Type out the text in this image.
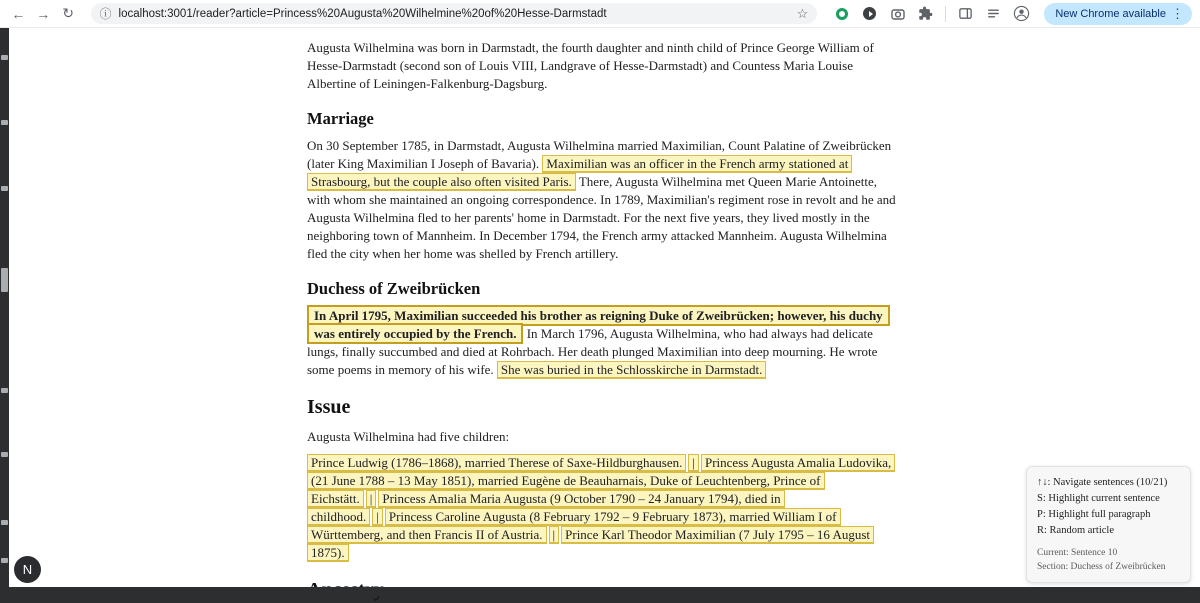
← → ↻	ⓘ localhost:3001/reader?article=Princess%20Augusta%20Wilhelmine%20of%20Hesse-Darmstadt	☆	New Chrome available ⋮

Augusta Wilhelmina was born in Darmstadt, the fourth daughter and ninth child of Prince George William of Hesse-Darmstadt (second son of Louis VIII, Landgrave of Hesse-Darmstadt) and Countess Maria Louise Albertine of Leiningen-Falkenburg-Dagsburg.

Marriage

On 30 September 1785, in Darmstadt, Augusta Wilhelmina married Maximilian, Count Palatine of Zweibrücken (later King Maximilian I Joseph of Bavaria). Maximilian was an officer in the French army stationed at Strasbourg, but the couple also often visited Paris. There, Augusta Wilhelmina met Queen Marie Antoinette, with whom she maintained an ongoing correspondence. In 1789, Maximilian's regiment rose in revolt and he and Augusta Wilhelmina fled to her parents' home in Darmstadt. For the next five years, they lived mostly in the neighboring town of Mannheim. In December 1794, the French army attacked Mannheim. Augusta Wilhelmina fled the city when her home was shelled by French artillery.

Duchess of Zweibrücken

In April 1795, Maximilian succeeded his brother as reigning Duke of Zweibrücken; however, his duchy was entirely occupied by the French. In March 1796, Augusta Wilhelmina, who had always had delicate lungs, finally succumbed and died at Rohrbach. Her death plunged Maximilian into deep mourning. He wrote some poems in memory of his wife. She was buried in the Schlosskirche in Darmstadt.

Issue

Augusta Wilhelmina had five children:

Prince Ludwig (1786–1868), married Therese of Saxe-Hildburghausen. | Princess Augusta Amalia Ludovika, (21 June 1788 – 13 May 1851), married Eugène de Beauharnais, Duke of Leuchtenberg, Prince of Eichstätt. | Princess Amalia Maria Augusta (9 October 1790 – 24 January 1794), died in childhood. | Princess Caroline Augusta (8 February 1792 – 9 February 1873), married William I of Württemberg, and then Francis II of Austria. | Prince Karl Theodor Maximilian (7 July 1795 – 16 August 1875).

↑↓: Navigate sentences (10/21)
S: Highlight current sentence
P: Highlight full paragraph
R: Random article
Current: Sentence 10
Section: Duchess of Zweibrücken
N
